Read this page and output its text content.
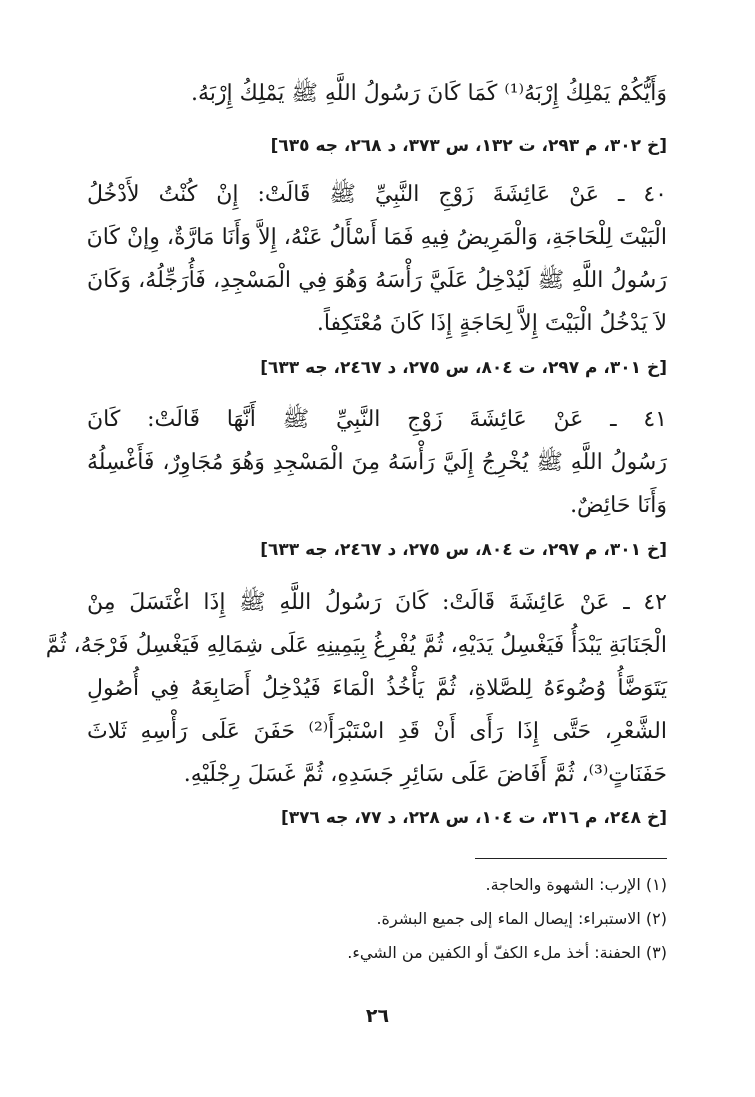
وَأَيُّكُمْ يَمْلِكُ إِرْبَهُ⁽¹⁾ كَمَا كَانَ رَسُولُ اللَّهِ ﷺ يَمْلِكُ إِرْبَهُ.
[خ ٣٠٢، م ٢٩٣، ت ١٣٢، س ٣٧٣، د ٢٦٨، جه ٦٣٥]
٤٠ ـ عَنْ عَائِشَةَ زَوْجِ النَّبِيِّ ﷺ قَالَتْ: إِنْ كُنْتُ لأَدْخُلُ
الْبَيْتَ لِلْحَاجَةِ، وَالْمَرِيضُ فِيهِ فَمَا أَسْأَلُ عَنْهُ، إِلاَّ وَأَنَا مَارَّةٌ، وِإنْ كَانَ
رَسُولُ اللَّهِ ﷺ لَيُدْخِلُ عَلَيَّ رَأْسَهُ وَهُوَ فِي الْمَسْجِدِ، فَأُرَجِّلُهُ، وَكَانَ
لاَ يَدْخُلُ الْبَيْتَ إِلاَّ لِحَاجَةٍ إِذَا كَانَ مُعْتَكِفاً.
[خ ٣٠١، م ٢٩٧، ت ٨٠٤، س ٢٧٥، د ٢٤٦٧، جه ٦٣٣]
٤١ ـ عَنْ عَائِشَةَ زَوْجِ النَّبِيِّ ﷺ أَنَّهَا قَالَتْ: كَانَ
رَسُولُ اللَّهِ ﷺ يُخْرِجُ إِلَيَّ رَأْسَهُ مِنَ الْمَسْجِدِ وَهُوَ مُجَاوِرٌ، فَأَغْسِلُهُ
وَأَنَا حَائِضٌ.
[خ ٣٠١، م ٢٩٧، ت ٨٠٤، س ٢٧٥، د ٢٤٦٧، جه ٦٣٣]
٤٢ ـ عَنْ عَائِشَةَ قَالَتْ: كَانَ رَسُولُ اللَّهِ ﷺ إِذَا اغْتَسَلَ مِنْ
الْجَنَابَةِ يَبْدَأُ فَيَغْسِلُ يَدَيْهِ، ثُمَّ يُفْرِغُ بِيَمِينِهِ عَلَى شِمَالِهِ فَيَغْسِلُ فَرْجَهُ، ثُمَّ
يَتَوَضَّأُ وُضُوءَهُ لِلصَّلاةِ، ثُمَّ يَأْخُذُ الْمَاءَ فَيُدْخِلُ أَصَابِعَهُ فِي أُصُولِ
الشَّعْرِ، حَتَّى إِذَا رَأَى أَنْ قَدِ اسْتَبْرَأَ⁽²⁾ حَفَنَ عَلَى رَأْسِهِ ثَلاثَ
حَفَنَاتٍ⁽³⁾، ثُمَّ أَفَاضَ عَلَى سَائِرِ جَسَدِهِ، ثُمَّ غَسَلَ رِجْلَيْهِ.
[خ ٢٤٨، م ٣١٦، ت ١٠٤، س ٢٢٨، د ٧٧، جه ٣٧٦]
(١) الإرب: الشهوة والحاجة.
(٢) الاستبراء: إيصال الماء إلى جميع البشرة.
(٣) الحفنة: أخذ ملء الكفّ أو الكفين من الشيء.
٢٦
